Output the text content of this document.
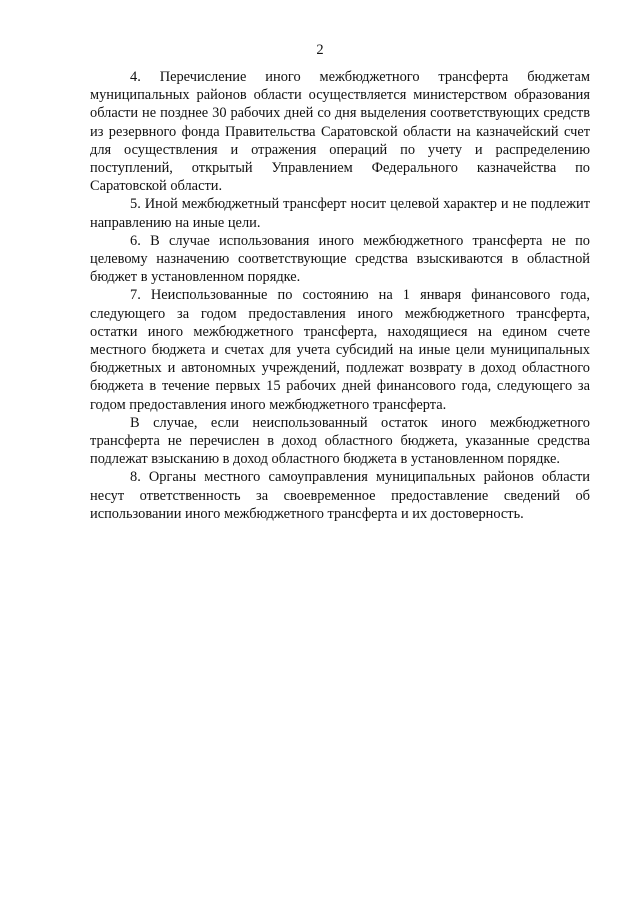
2

4. Перечисление иного межбюджетного трансферта бюджетам муниципальных районов области осуществляется министерством образования области не позднее 30 рабочих дней со дня выделения соответствующих средств из резервного фонда Правительства Саратовской области на казначейский счет для осуществления и отражения операций по учету и распределению поступлений, открытый Управлением Федерального казначейства по Саратовской области.

5. Иной межбюджетный трансферт носит целевой характер и не подлежит направлению на иные цели.

6. В случае использования иного межбюджетного трансферта не по целевому назначению соответствующие средства взыскиваются в областной бюджет в установленном порядке.

7. Неиспользованные по состоянию на 1 января финансового года, следующего за годом предоставления иного межбюджетного трансферта, остатки иного межбюджетного трансферта, находящиеся на едином счете местного бюджета и счетах для учета субсидий на иные цели муниципальных бюджетных и автономных учреждений, подлежат возврату в доход областного бюджета в течение первых 15 рабочих дней финансового года, следующего за годом предоставления иного межбюджетного трансферта.

В случае, если неиспользованный остаток иного межбюджетного трансферта не перечислен в доход областного бюджета, указанные средства подлежат взысканию в доход областного бюджета в установленном порядке.

8. Органы местного самоуправления муниципальных районов области несут ответственность за своевременное предоставление сведений об использовании иного межбюджетного трансферта и их достоверность.
